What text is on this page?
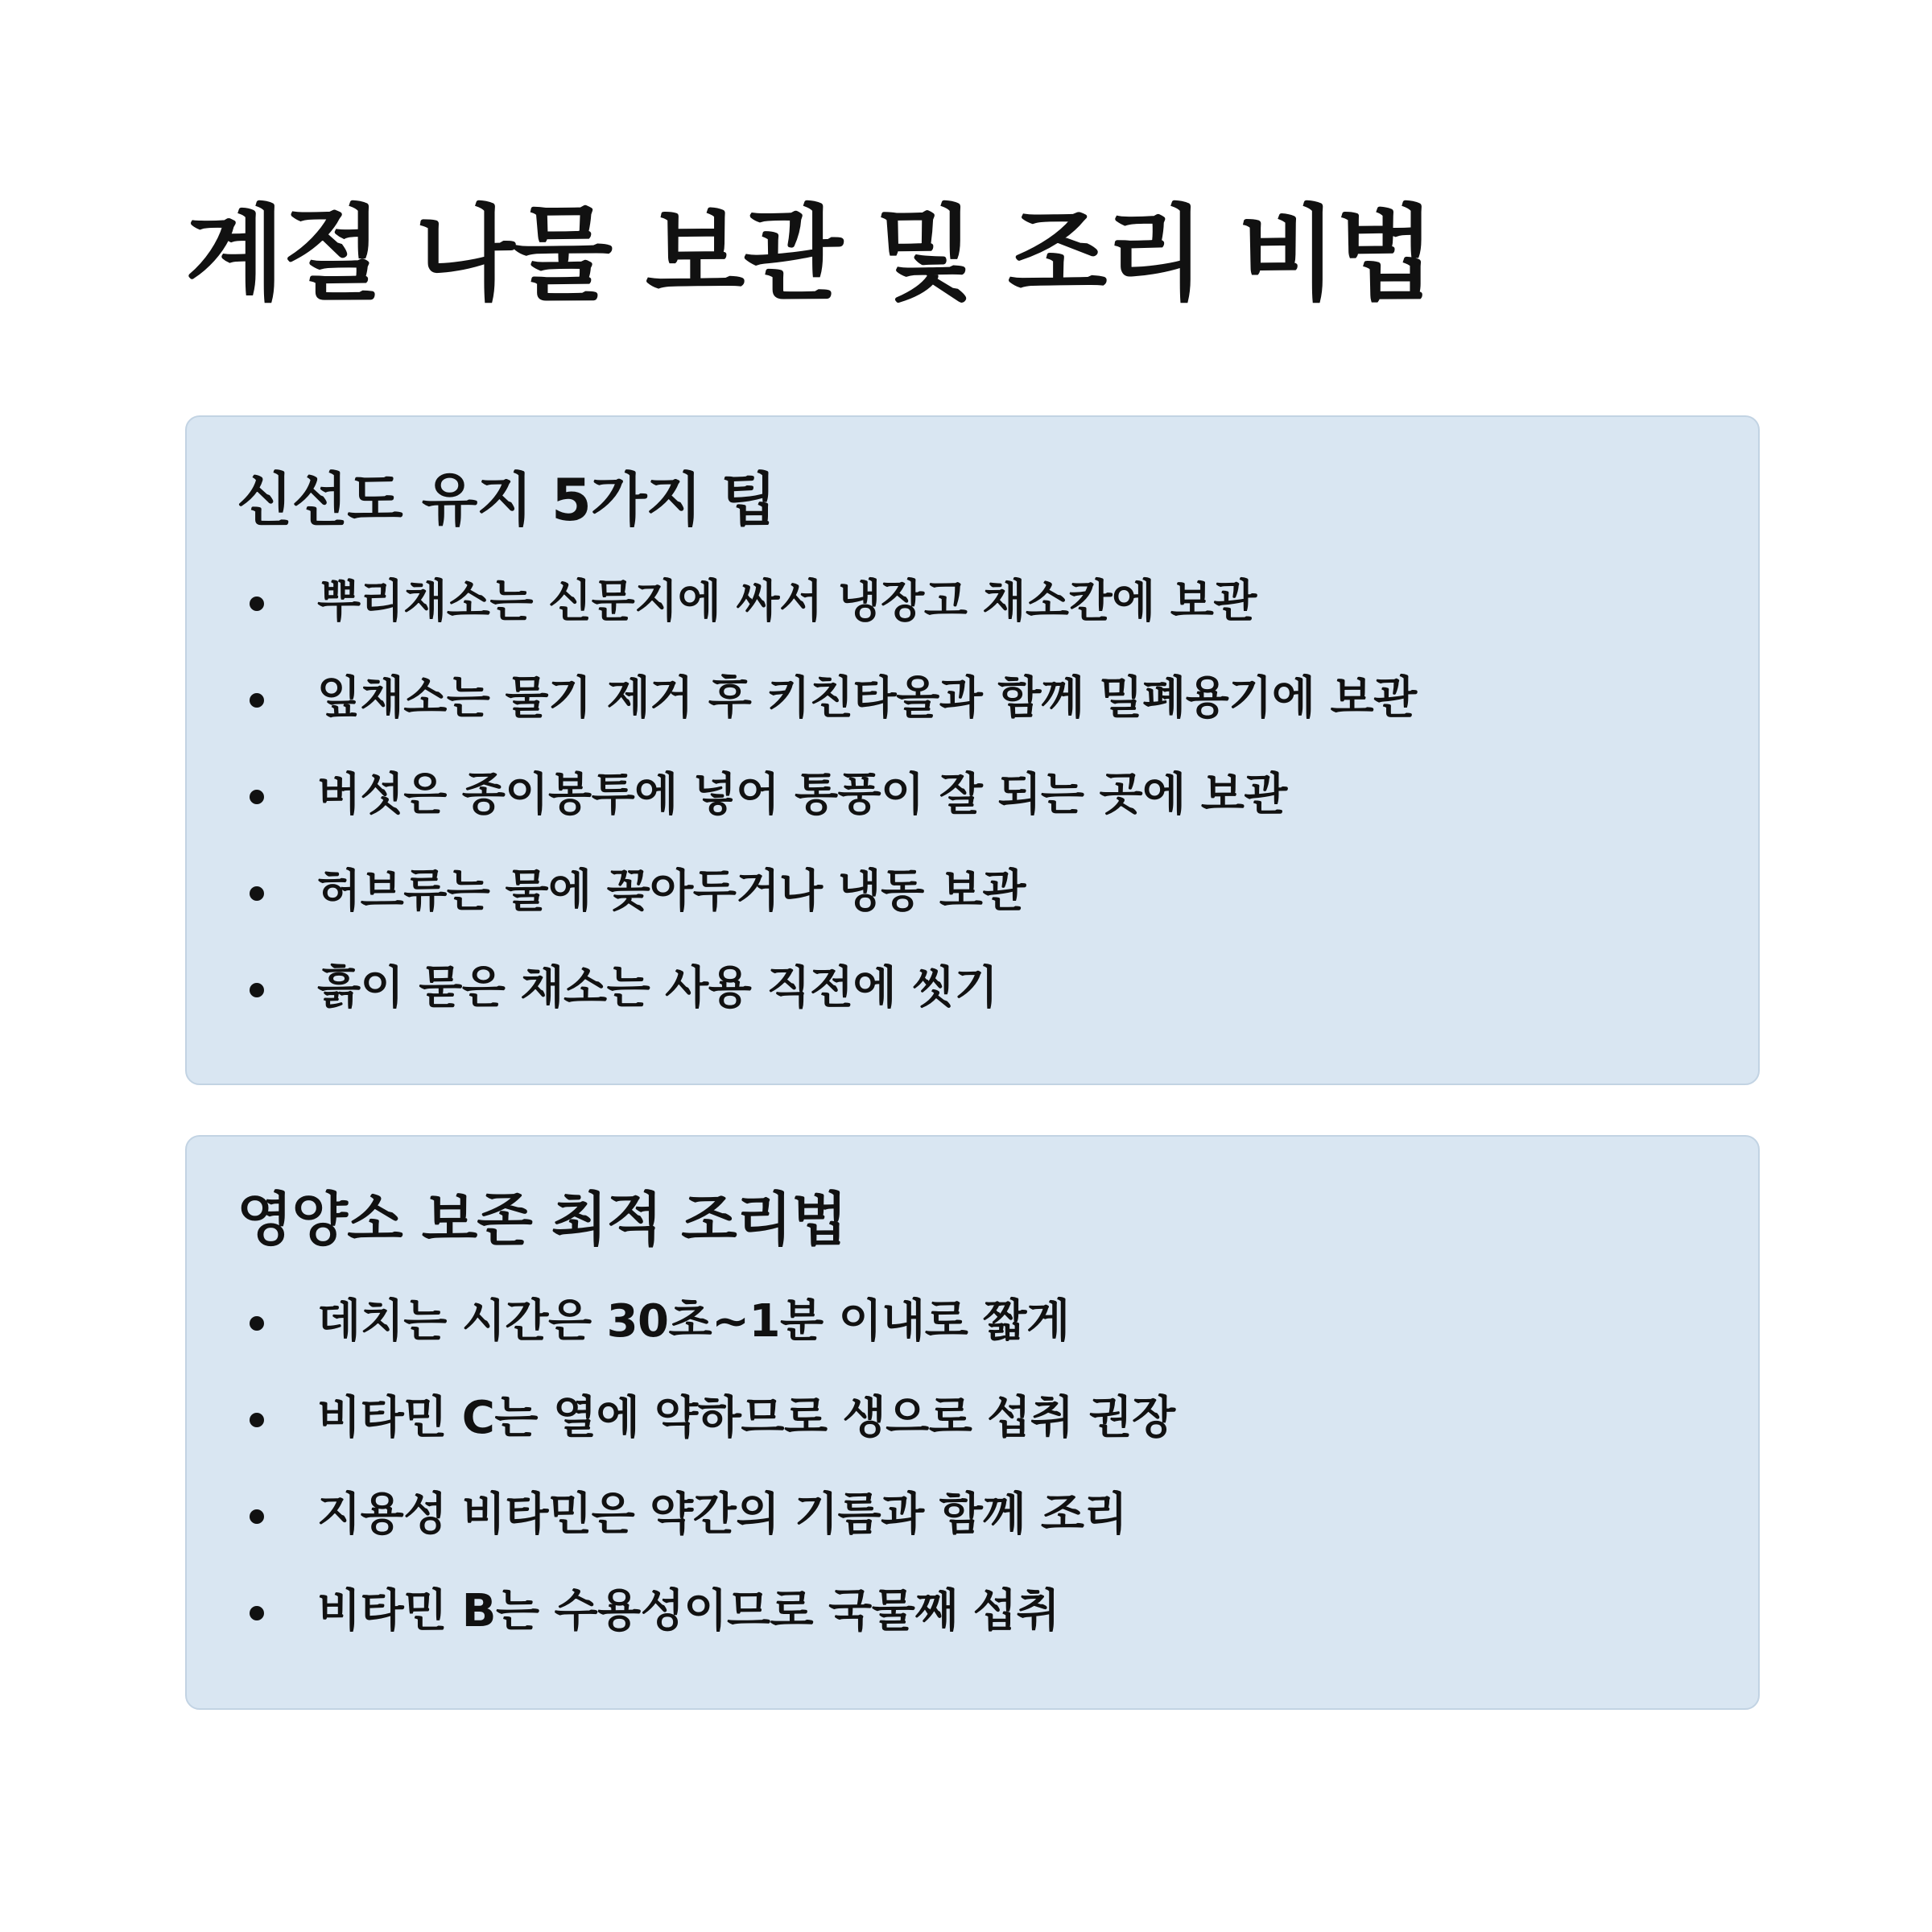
계절 나물 보관 및 조리 비법
신선도 유지 5가지 팁
뿌리채소는 신문지에 싸서 냉장고 채소칸에 보관
잎채소는 물기 제거 후 키친타올과 함께 밀폐용기에 보관
버섯은 종이봉투에 넣어 통풍이 잘 되는 곳에 보관
허브류는 물에 꽂아두거나 냉동 보관
흙이 묻은 채소는 사용 직전에 씻기
영양소 보존 최적 조리법
데치는 시간은 30초~1분 이내로 짧게
비타민 C는 열에 약하므로 생으로 섭취 권장
지용성 비타민은 약간의 기름과 함께 조리
비타민 B는 수용성이므로 국물째 섭취
